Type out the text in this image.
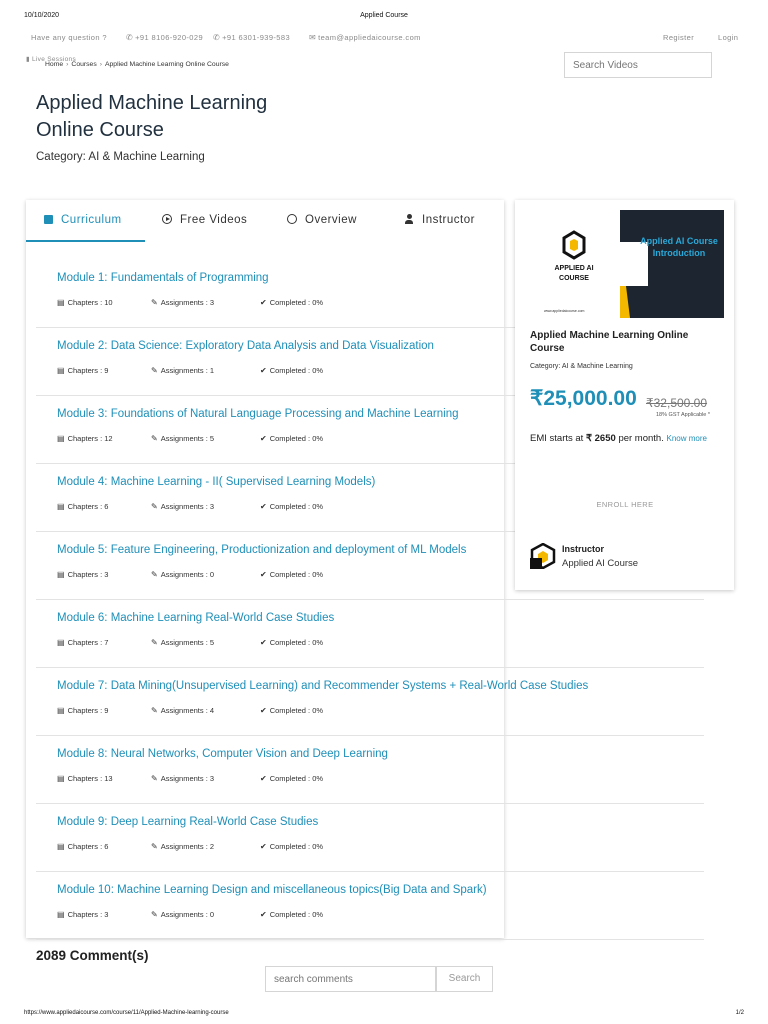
10/10/2020	Applied Course
Have any question ? ✆ +91 8106-920-029 ✆ +91 6301-939-583 ✉ team@appliedaicourse.com	Register	Login
▮ Live Sessions
Home › Courses › Applied Machine Learning Online Course
Search Videos
Applied Machine Learning
Online Course
Category: AI & Machine Learning
Curriculum	Free Videos	Overview	Instructor
Module 1: Fundamentals of Programming
▤ Chapters : 10	✎ Assignments : 3	✔ Completed : 0%
Module 2: Data Science: Exploratory Data Analysis and Data Visualization
▤ Chapters : 9	✎ Assignments : 1	✔ Completed : 0%
Module 3: Foundations of Natural Language Processing and Machine Learning
▤ Chapters : 12	✎ Assignments : 5	✔ Completed : 0%
Module 4: Machine Learning - II( Supervised Learning Models)
▤ Chapters : 6	✎ Assignments : 3	✔ Completed : 0%
Module 5: Feature Engineering, Productionization and deployment of ML Models
▤ Chapters : 3	✎ Assignments : 0	✔ Completed : 0%
Module 6: Machine Learning Real-World Case Studies
▤ Chapters : 7	✎ Assignments : 5	✔ Completed : 0%
Module 7: Data Mining(Unsupervised Learning) and Recommender Systems + Real-World Case Studies
▤ Chapters : 9	✎ Assignments : 4	✔ Completed : 0%
Module 8: Neural Networks, Computer Vision and Deep Learning
▤ Chapters : 13	✎ Assignments : 3	✔ Completed : 0%
Module 9: Deep Learning Real-World Case Studies
▤ Chapters : 6	✎ Assignments : 2	✔ Completed : 0%
Module 10: Machine Learning Design and miscellaneous topics(Big Data and Spark)
▤ Chapters : 3	✎ Assignments : 0	✔ Completed : 0%
APPLIED AI
COURSE
www.appliedaicourse.com
Applied AI Course
Introduction
Applied Machine Learning Online Course
Category: AI & Machine Learning
₹25,000.00 ₹32,500.00
18% GST Applicable *
EMI starts at ₹ 2650 per month. Know more
ENROLL HERE
Instructor
Applied AI Course
2089 Comment(s)
search comments
Search
https://www.appliedaicourse.com/course/11/Applied-Machine-learning-course	1/2
